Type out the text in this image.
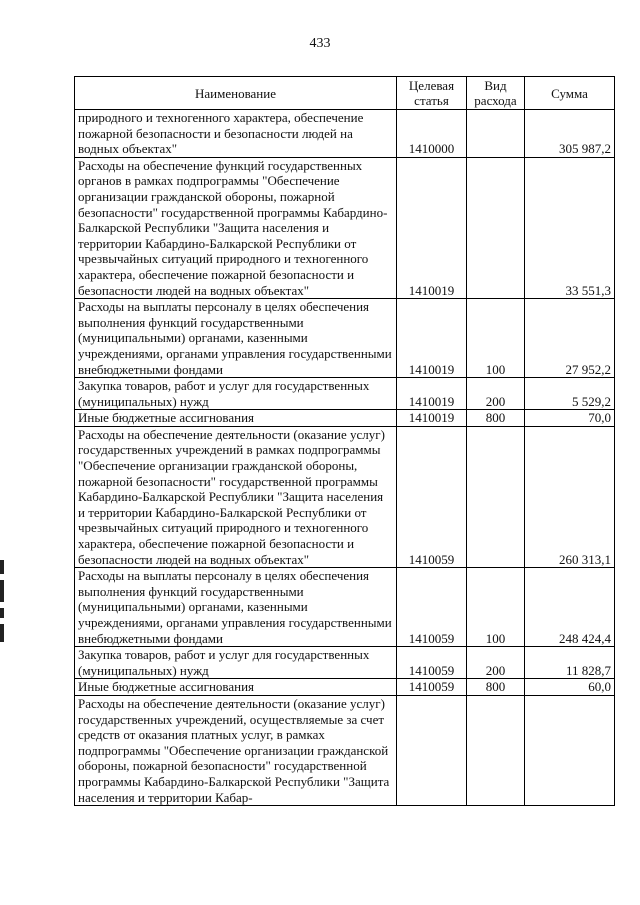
433
Наименование	Целевая статья	Вид расхода	Сумма
природного и техногенного характера, обеспечение пожарной безопасности и безопасности людей на водных объектах"	1410000		305 987,2
Расходы на обеспечение функций государственных органов в рамках подпрограммы "Обеспечение организации гражданской обороны, пожарной безопасности" государственной программы Кабардино-Балкарской Республики "Защита населения и территории Кабардино-Балкарской Республики от чрезвычайных ситуаций природного и техногенного характера, обеспечение пожарной безопасности и безопасности людей на водных объектах"	1410019		33 551,3
Расходы на выплаты персоналу в целях обеспечения выполнения функций государственными (муниципальными) органами, казенными учреждениями, органами управления государственными внебюджетными фондами	1410019	100	27 952,2
Закупка товаров, работ и услуг для государственных (муниципальных) нужд	1410019	200	5 529,2
Иные бюджетные ассигнования	1410019	800	70,0
Расходы на обеспечение деятельности (оказание услуг) государственных учреждений в рамках подпрограммы "Обеспечение организации гражданской обороны, пожарной безопасности" государственной программы Кабардино-Балкарской Республики "Защита населения и территории Кабардино-Балкарской Республики от чрезвычайных ситуаций природного и техногенного характера, обеспечение пожарной безопасности и безопасности людей на водных объектах"	1410059		260 313,1
Расходы на выплаты персоналу в целях обеспечения выполнения функций государственными (муниципальными) органами, казенными учреждениями, органами управления государственными внебюджетными фондами	1410059	100	248 424,4
Закупка товаров, работ и услуг для государственных (муниципальных) нужд	1410059	200	11 828,7
Иные бюджетные ассигнования	1410059	800	60,0
Расходы на обеспечение деятельности (оказание услуг) государственных учреждений, осуществляемые за счет средств от оказания платных услуг, в рамках подпрограммы "Обеспечение организации гражданской обороны, пожарной безопасности" государственной программы Кабардино-Балкарской Республики "Защита населения и территории Кабар-			
